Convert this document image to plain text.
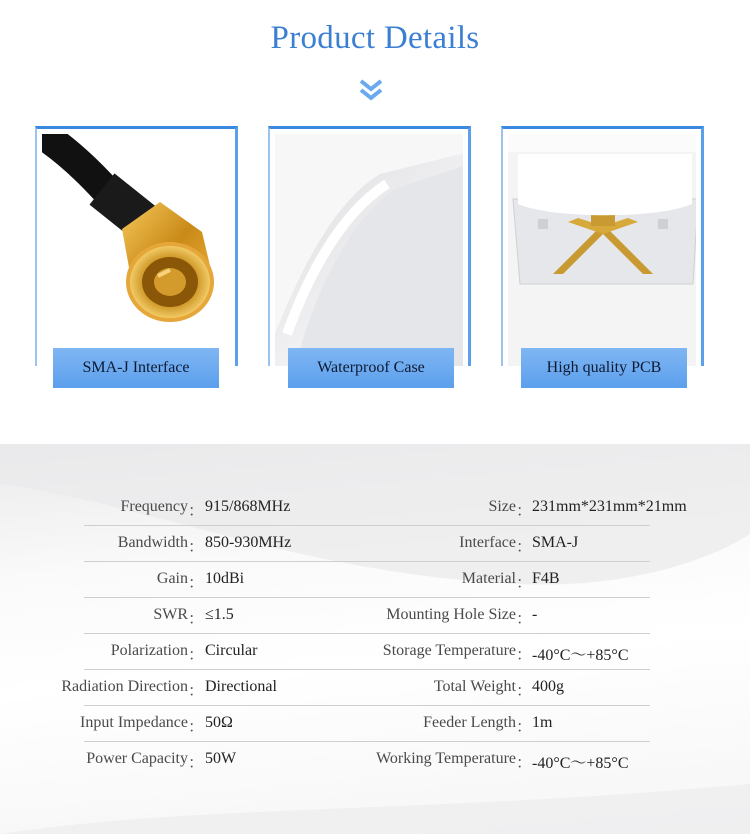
Product Details
SMA-J Interface	Waterproof Case	High quality PCB
Frequency ： 915/868MHz	Size ： 231mm*231mm*21mm
Bandwidth ： 850-930MHz	Interface ： SMA-J
Gain ： 10dBi	Material ： F4B
SWR ： ≤1.5	Mounting Hole Size ： -
Polarization ： Circular	Storage Temperature ： -40°C～+85°C
Radiation Direction ： Directional	Total Weight ： 400g
Input Impedance ： 50Ω	Feeder Length ： 1m
Power Capacity ： 50W	Working Temperature ： -40°C～+85°C
